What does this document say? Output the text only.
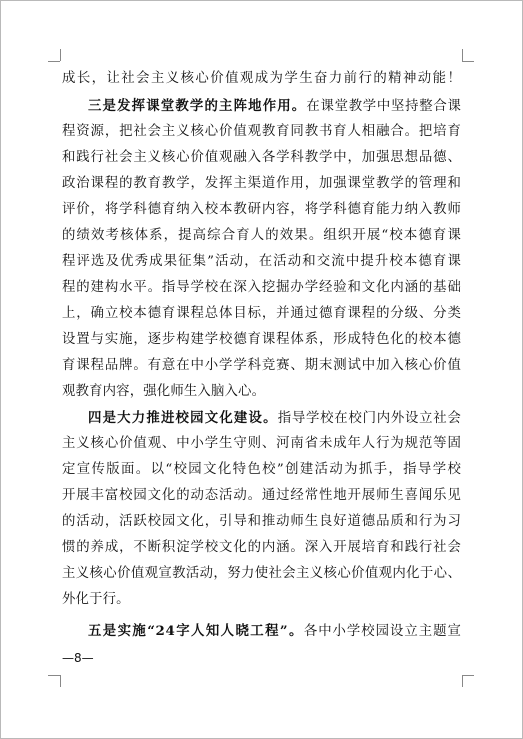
成长，让社会主义核心价值观成为学生奋力前行的精神动能！
三是发挥课堂教学的主阵地作用。在课堂教学中坚持整合课
程资源，把社会主义核心价值观教育同教书育人相融合。把培育
和践行社会主义核心价值观融入各学科教学中，加强思想品德、
政治课程的教育教学，发挥主渠道作用，加强课堂教学的管理和
评价，将学科德育纳入校本教研内容，将学科德育能力纳入教师
的绩效考核体系，提高综合育人的效果。组织开展“校本德育课
程评选及优秀成果征集”活动，在活动和交流中提升校本德育课
程的建构水平。指导学校在深入挖掘办学经验和文化内涵的基础
上，确立校本德育课程总体目标，并通过德育课程的分级、分类
设置与实施，逐步构建学校德育课程体系，形成特色化的校本德
育课程品牌。有意在中小学学科竞赛、期末测试中加入核心价值
观教育内容，强化师生入脑入心。
四是大力推进校园文化建设。指导学校在校门内外设立社会
主义核心价值观、中小学生守则、河南省未成年人行为规范等固
定宣传版面。以“校园文化特色校”创建活动为抓手，指导学校
开展丰富校园文化的动态活动。通过经常性地开展师生喜闻乐见
的活动，活跃校园文化，引导和推动师生良好道德品质和行为习
惯的养成，不断积淀学校文化的内涵。深入开展培育和践行社会
主义核心价值观宣教活动，努力使社会主义核心价值观内化于心、
外化于行。
五是实施“24字人知人晓工程”。各中小学校园设立主题宣
—8—
